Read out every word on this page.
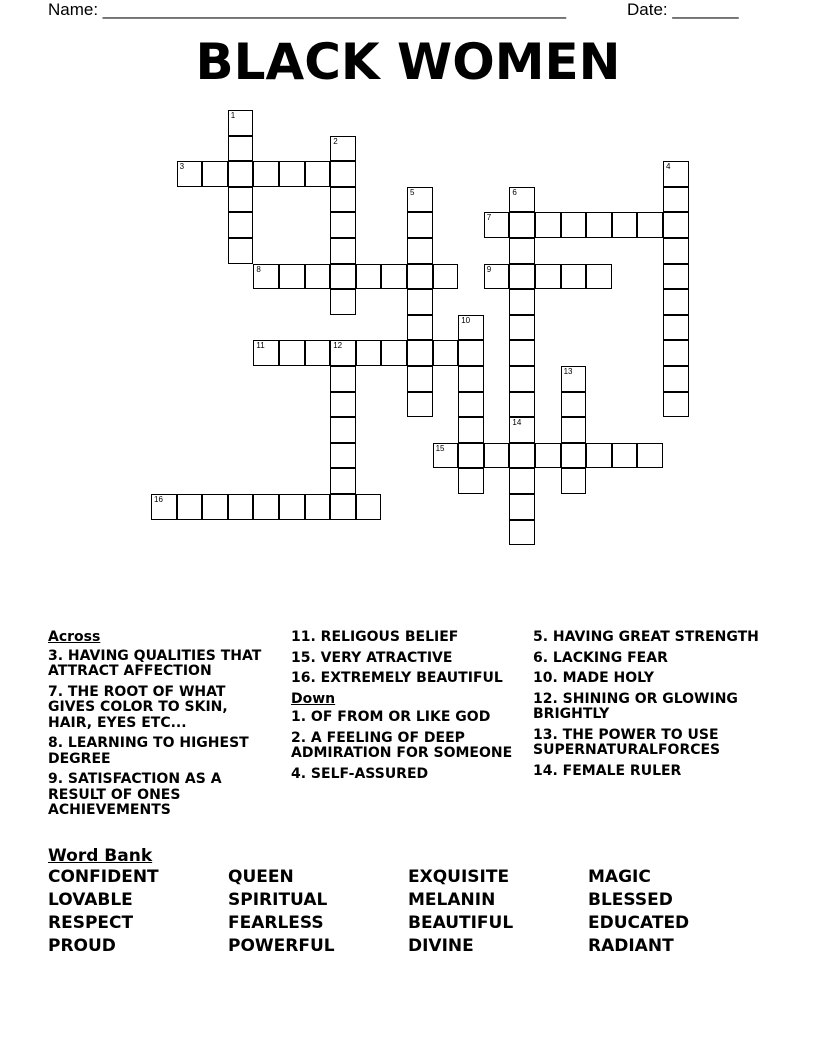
Name: _________________________________________________	Date: _______
BLACK WOMEN
1
2
3	4
5	6
7
8	9
10
11	12
13
14
15
16
Across
3. HAVING QUALITIES THAT ATTRACT AFFECTION
7. THE ROOT OF WHAT GIVES COLOR TO SKIN, HAIR, EYES ETC...
8. LEARNING TO HIGHEST DEGREE
9. SATISFACTION AS A RESULT OF ONES ACHIEVEMENTS
11. RELIGOUS BELIEF
15. VERY ATRACTIVE
16. EXTREMELY BEAUTIFUL
Down
1. OF FROM OR LIKE GOD
2. A FEELING OF DEEP ADMIRATION FOR SOMEONE
4. SELF-ASSURED
5. HAVING GREAT STRENGTH
6. LACKING FEAR
10. MADE HOLY
12. SHINING OR GLOWING BRIGHTLY
13. THE POWER TO USE SUPERNATURALFORCES
14. FEMALE RULER
Word Bank
CONFIDENT	QUEEN	EXQUISITE	MAGIC
LOVABLE	SPIRITUAL	MELANIN	BLESSED
RESPECT	FEARLESS	BEAUTIFUL	EDUCATED
PROUD	POWERFUL	DIVINE	RADIANT
